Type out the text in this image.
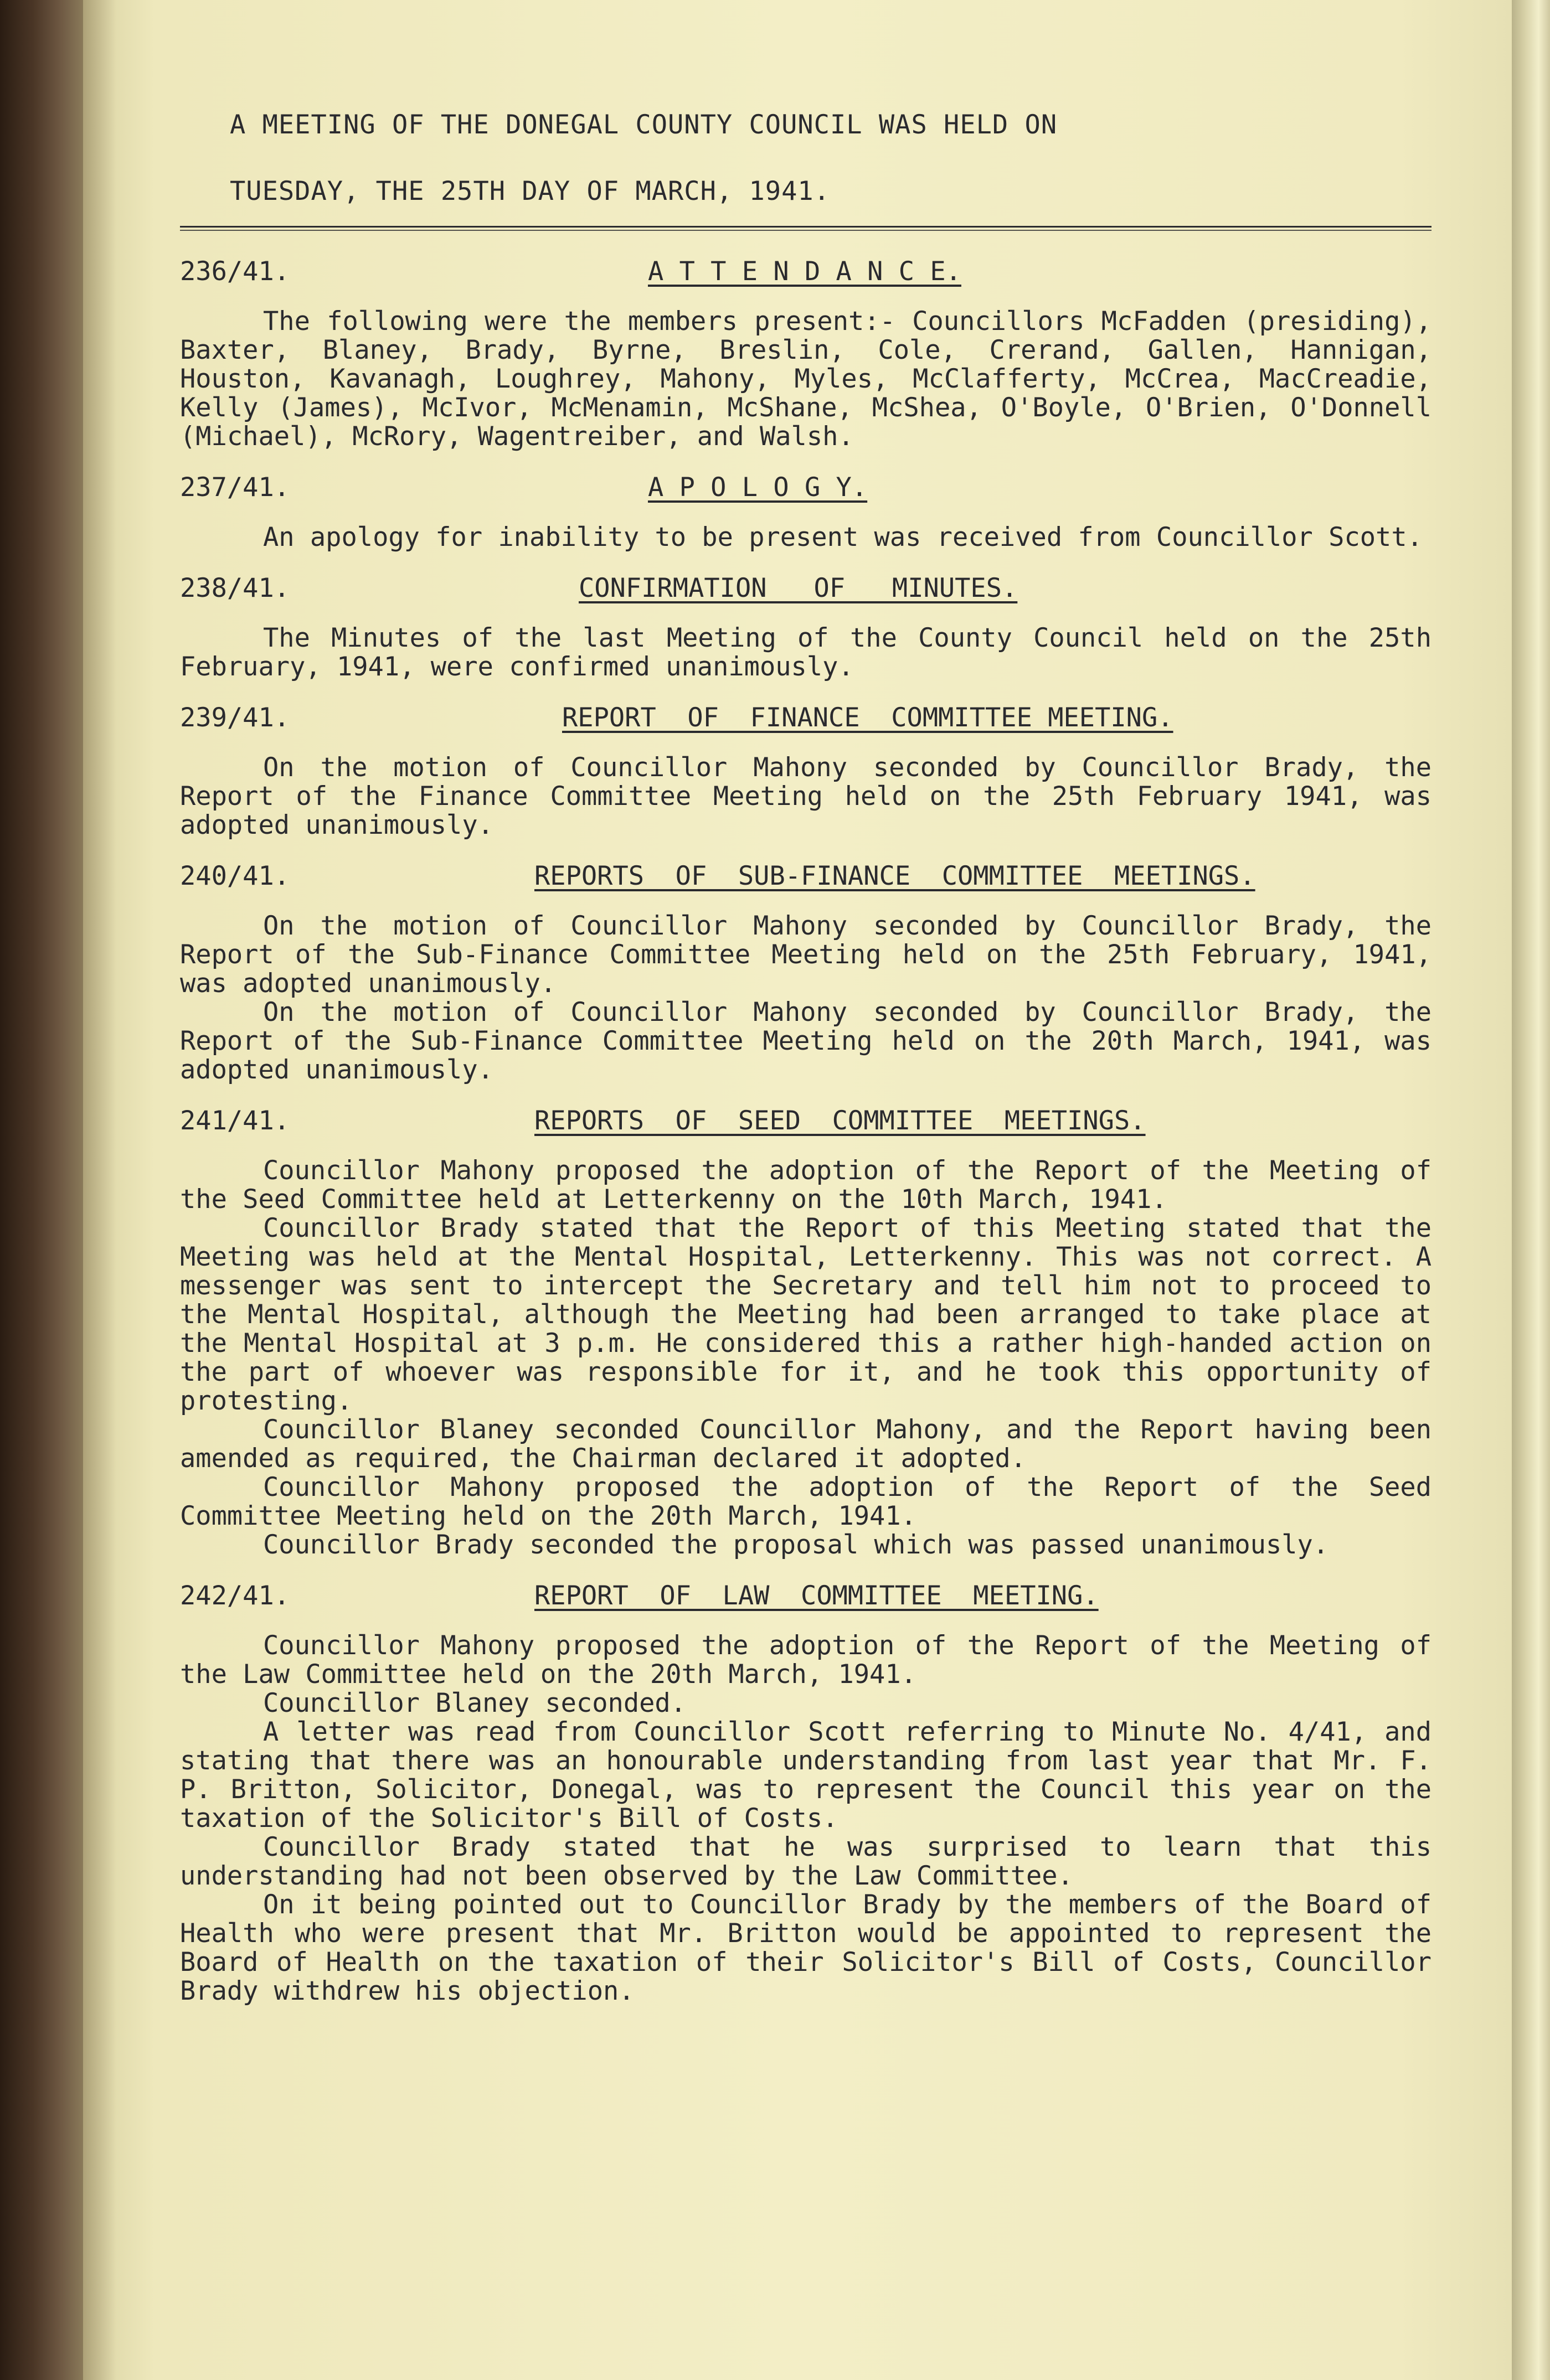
A MEETING OF THE DONEGAL COUNTY COUNCIL WAS HELD ON

TUESDAY, THE 25TH DAY OF MARCH, 1941.

236/41.	A T T E N D A N C E.

The following were the members present:- Councillors McFadden (presiding), Baxter, Blaney, Brady, Byrne, Breslin, Cole, Crerand, Gallen, Hannigan, Houston, Kavanagh, Loughrey, Mahony, Myles, McClafferty, McCrea, MacCreadie, Kelly (James), McIvor, McMenamin, McShane, McShea, O'Boyle, O'Brien, O'Donnell (Michael), McRory, Wagentreiber, and Walsh.

237/41.	A P O L O G Y.

An apology for inability to be present was received from Councillor Scott.

238/41.	CONFIRMATION   OF   MINUTES.

The Minutes of the last Meeting of the County Council held on the 25th February, 1941, were confirmed unanimously.

239/41.	REPORT  OF  FINANCE  COMMITTEE MEETING.

On the motion of Councillor Mahony seconded by Councillor Brady, the Report of the Finance Committee Meeting held on the 25th February 1941, was adopted unanimously.

240/41.	REPORTS  OF  SUB-FINANCE  COMMITTEE  MEETINGS.

On the motion of Councillor Mahony seconded by Councillor Brady, the Report of the Sub-Finance Committee Meeting held on the 25th February, 1941, was adopted unanimously.

On the motion of Councillor Mahony seconded by Councillor Brady, the Report of the Sub-Finance Committee Meeting held on the 20th March, 1941, was adopted unanimously.

241/41.	REPORTS  OF  SEED  COMMITTEE  MEETINGS.

Councillor Mahony proposed the adoption of the Report of the Meeting of the Seed Committee held at Letterkenny on the 10th March, 1941.

Councillor Brady stated that the Report of this Meeting stated that the Meeting was held at the Mental Hospital, Letterkenny. This was not correct. A messenger was sent to intercept the Secretary and tell him not to proceed to the Mental Hospital, although the Meeting had been arranged to take place at the Mental Hospital at 3 p.m. He considered this a rather high-handed action on the part of whoever was responsible for it, and he took this opportunity of protesting.

Councillor Blaney seconded Councillor Mahony, and the Report having been amended as required, the Chairman declared it adopted.

Councillor Mahony proposed the adoption of the Report of the Seed Committee Meeting held on the 20th March, 1941.

Councillor Brady seconded the proposal which was passed unanimously.

242/41.	REPORT  OF  LAW  COMMITTEE  MEETING.

Councillor Mahony proposed the adoption of the Report of the Meeting of the Law Committee held on the 20th March, 1941.

Councillor Blaney seconded.

A letter was read from Councillor Scott referring to Minute No. 4/41, and stating that there was an honourable understanding from last year that Mr. F. P. Britton, Solicitor, Donegal, was to represent the Council this year on the taxation of the Solicitor's Bill of Costs.

Councillor Brady stated that he was surprised to learn that this understanding had not been observed by the Law Committee.

On it being pointed out to Councillor Brady by the members of the Board of Health who were present that Mr. Britton would be appointed to represent the Board of Health on the taxation of their Solicitor's Bill of Costs, Councillor Brady withdrew his objection.
